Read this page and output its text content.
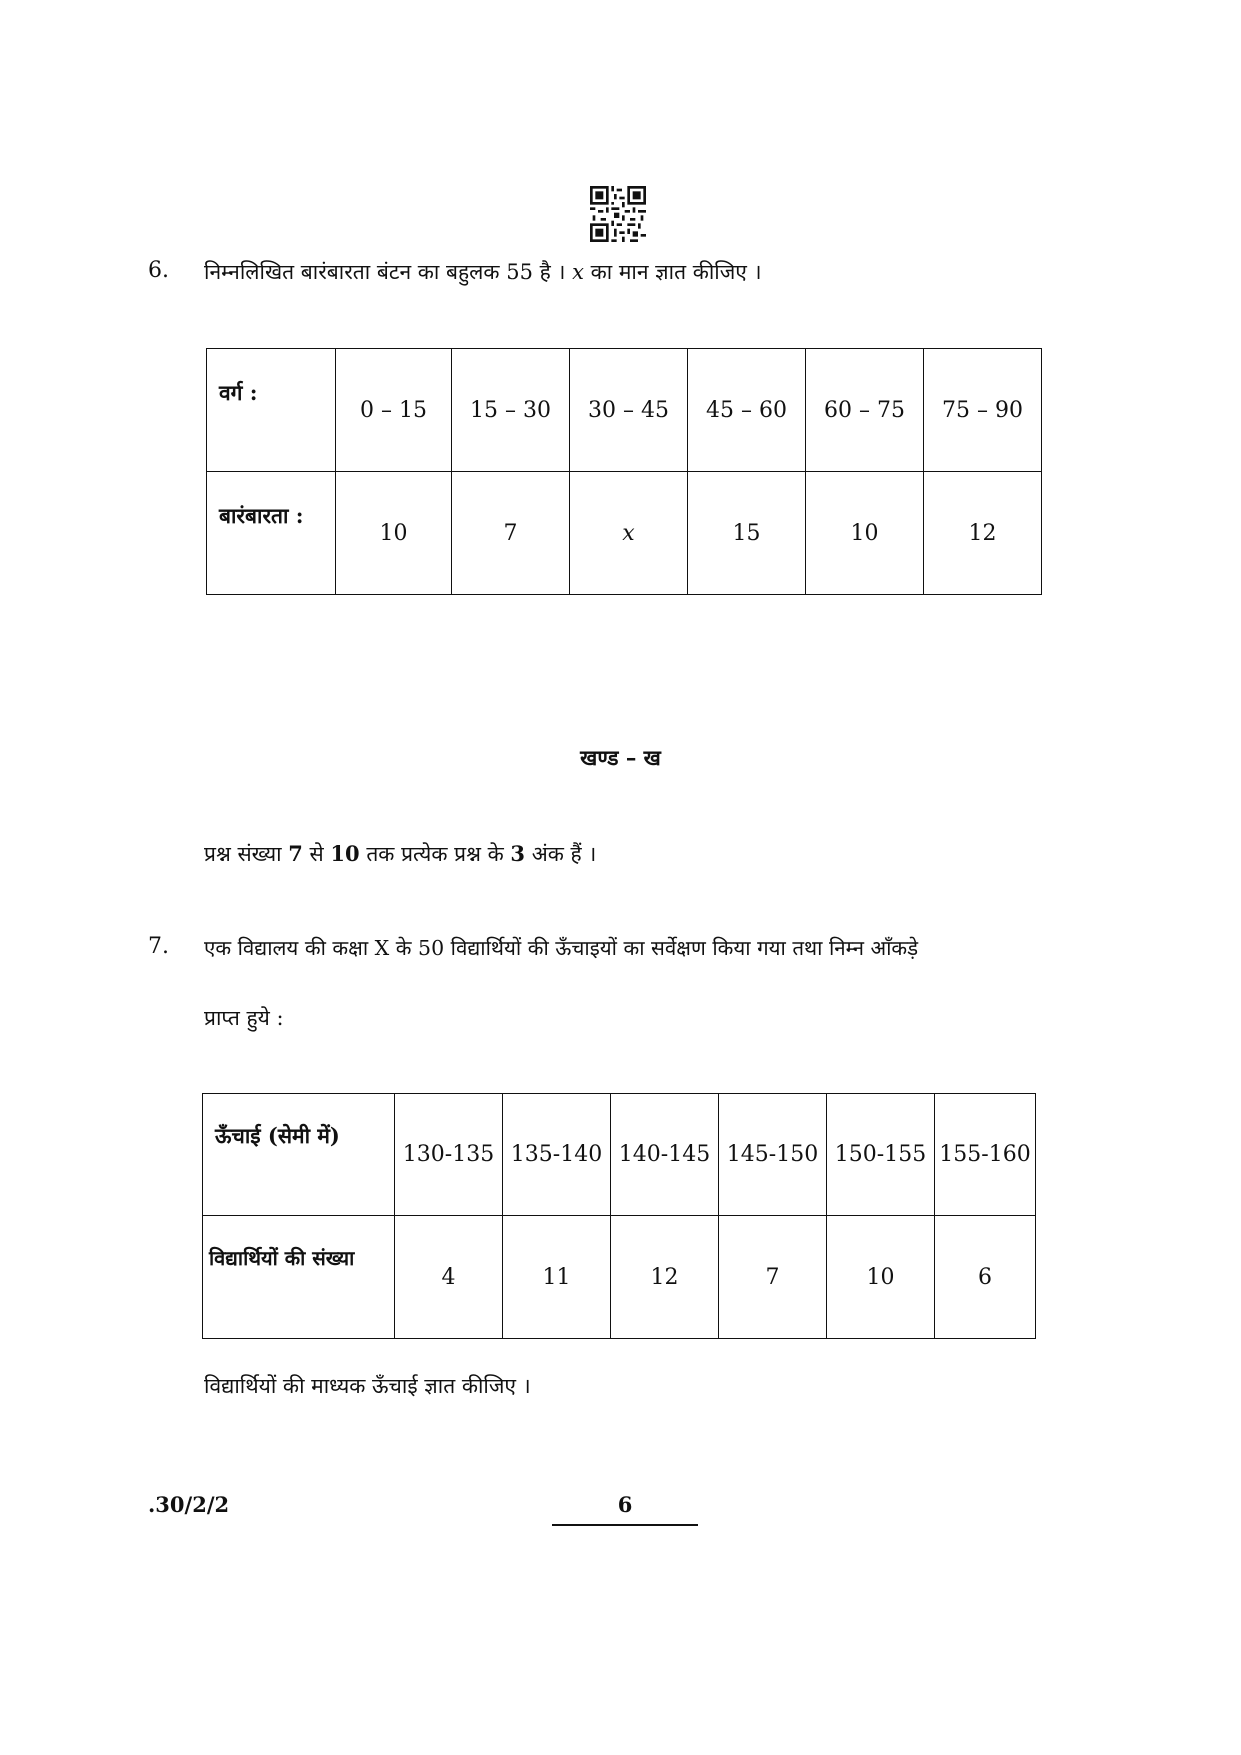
6. निम्नलिखित बारंबारता बंटन का बहुलक 55 है । x का मान ज्ञात कीजिए ।
वर्ग :	0 – 15	15 – 30	30 – 45	45 – 60	60 – 75	75 – 90
बारंबारता :	10	7	x	15	10	12
खण्ड – ख
प्रश्न संख्या 7 से 10 तक प्रत्येक प्रश्न के 3 अंक हैं ।
7. एक विद्यालय की कक्षा X के 50 विद्यार्थियों की ऊँचाइयों का सर्वेक्षण किया गया तथा निम्न आँकड़े
प्राप्त हुये :
ऊँचाई (सेमी में)	130-135	135-140	140-145	145-150	150-155	155-160
विद्यार्थियों की संख्या	4	11	12	7	10	6
विद्यार्थियों की माध्यक ऊँचाई ज्ञात कीजिए ।
.30/2/2	6
